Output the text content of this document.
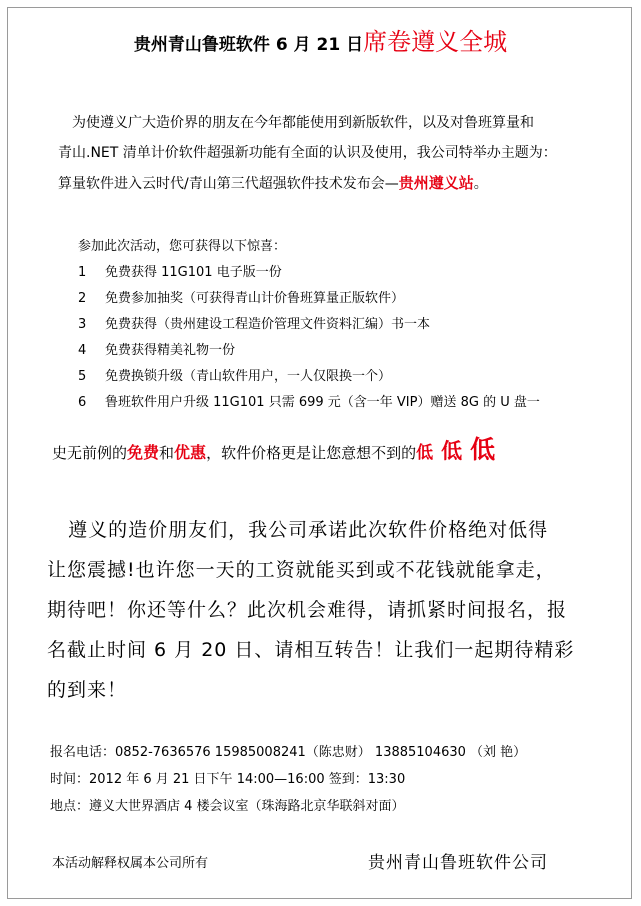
贵州青山鲁班软件 6 月 21 日席卷遵义全城

为使遵义广大造价界的朋友在今年都能使用到新版软件，以及对鲁班算量和

青山.NET 清单计价软件超强新功能有全面的认识及使用，我公司特举办主题为：

算量软件进入云时代/青山第三代超强软件技术发布会—贵州遵义站。

参加此次活动，您可获得以下惊喜：

1 免费获得 11G101 电子版一份
2 免费参加抽奖（可获得青山计价鲁班算量正版软件）
3 免费获得（贵州建设工程造价管理文件资料汇编）书一本
4 免费获得精美礼物一份
5 免费换锁升级（青山软件用户，一人仅限换一个）
6 鲁班软件用户升级 11G101 只需 699 元（含一年 VIP）赠送 8G 的 U 盘一
史无前例的免费和优惠，软件价格更是让您意想不到的低 低 低

遵义的造价朋友们，我公司承诺此次软件价格绝对低得

让您震撼!也许您一天的工资就能买到或不花钱就能拿走，

期待吧！你还等什么？此次机会难得，请抓紧时间报名，报

名截止时间 6 月 20 日、请相互转告！让我们一起期待精彩

的到来！

报名电话：0852-7636576 15985008241（陈忠财） 13885104630 （刘 艳）

时间：2012 年 6 月 21 日下午 14:00—16:00 签到：13:30

地点：遵义大世界酒店 4 楼会议室（珠海路北京华联斜对面）

本活动解释权属本公司所有	贵州青山鲁班软件公司
